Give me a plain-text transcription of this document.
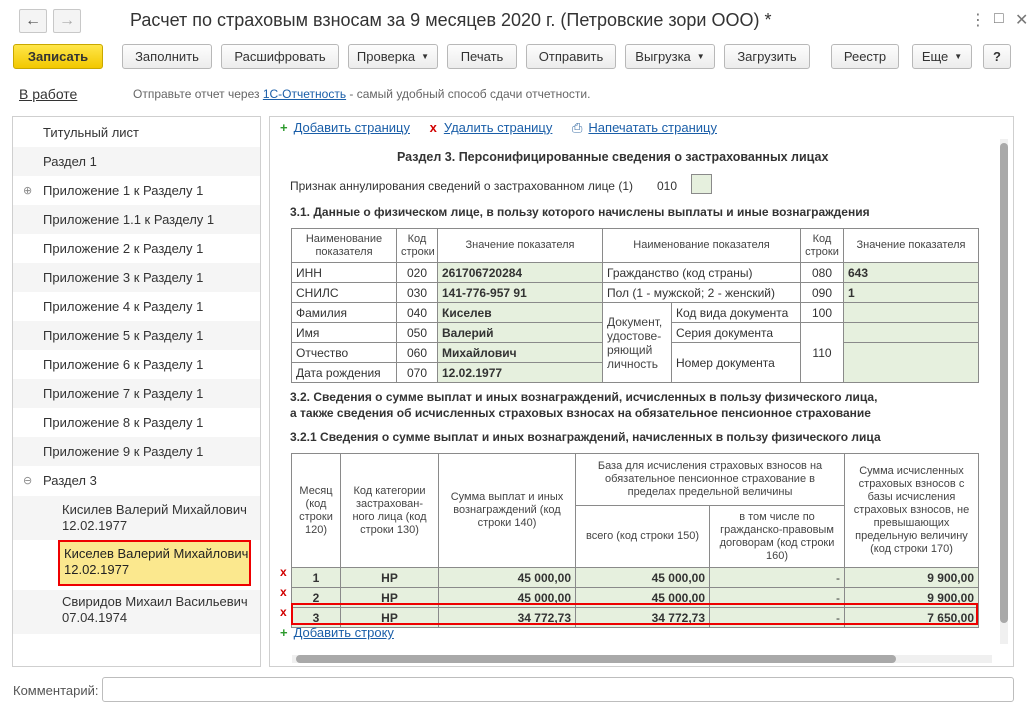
← →	Расчет по страховым взносам за 9 месяцев 2020 г. (Петровские зори ООО) *	⋮ □ ✕
Записать	Заполнить	Расшифровать	Проверка ▼	Печать	Отправить	Выгрузка ▼	Загрузить	Реестр	Еще ▼	?
В работе	Отправьте отчет через 1С-Отчетность - самый удобный способ сдачи отчетности.
Титульный лист
Раздел 1
⊕ Приложение 1 к Разделу 1
Приложение 1.1 к Разделу 1
Приложение 2 к Разделу 1
Приложение 3 к Разделу 1
Приложение 4 к Разделу 1
Приложение 5 к Разделу 1
Приложение 6 к Разделу 1
Приложение 7 к Разделу 1
Приложение 8 к Разделу 1
Приложение 9 к Разделу 1
⊖ Раздел 3
Кисилев Валерий Михайлович
12.02.1977
Киселев Валерий Михайлович
12.02.1977
Свиридов Михаил Васильевич
07.04.1974
+ Добавить страницу x Удалить страницу ⎙ Напечатать страницу
Раздел 3. Персонифицированные сведения о застрахованных лицах
Признак аннулирования сведений о застрахованном лице (1) 010
3.1. Данные о физическом лице, в пользу которого начислены выплаты и иные вознаграждения
Наименование показателя	Код строки	Значение показателя	Наименование показателя		Код строки	Значение показателя
ИНН	020	261706720284	Гражданство (код страны)		080	643
СНИЛС	030	141-776-957 91	Пол (1 - мужской; 2 - женский)		090	1
Фамилия	040	Киселев	Документ, удостове-ряющий личность	Код вида документа	100	
Имя	050	Валерий		Серия документа	110	
Отчество	060	Михайлович		Номер документа		
Дата рождения	070	12.02.1977				
3.2. Сведения о сумме выплат и иных вознаграждений, исчисленных в пользу физического лица,
а также сведения об исчисленных страховых взносах на обязательное пенсионное страхование
3.2.1 Сведения о сумме выплат и иных вознаграждений, начисленных в пользу физического лица
Месяц (код строки 120)	Код категории застрахован-ного лица (код строки 130)	Сумма выплат и иных вознаграждений (код строки 140)	База для исчисления страховых взносов на обязательное пенсионное страхование в пределах предельной величины		Сумма исчисленных страховых взносов с базы исчисления страховых взносов, не превышающих предельную величину (код строки 170)
			всего (код строки 150)	в том числе по гражданско-правовым договорам (код строки 160)	
1	НР	45 000,00	45 000,00	-	9 900,00
2	НР	45 000,00	45 000,00	-	9 900,00
3	НР	34 772,73	34 772,73	-	7 650,00
x
x
x
+ Добавить строку
Комментарий:
